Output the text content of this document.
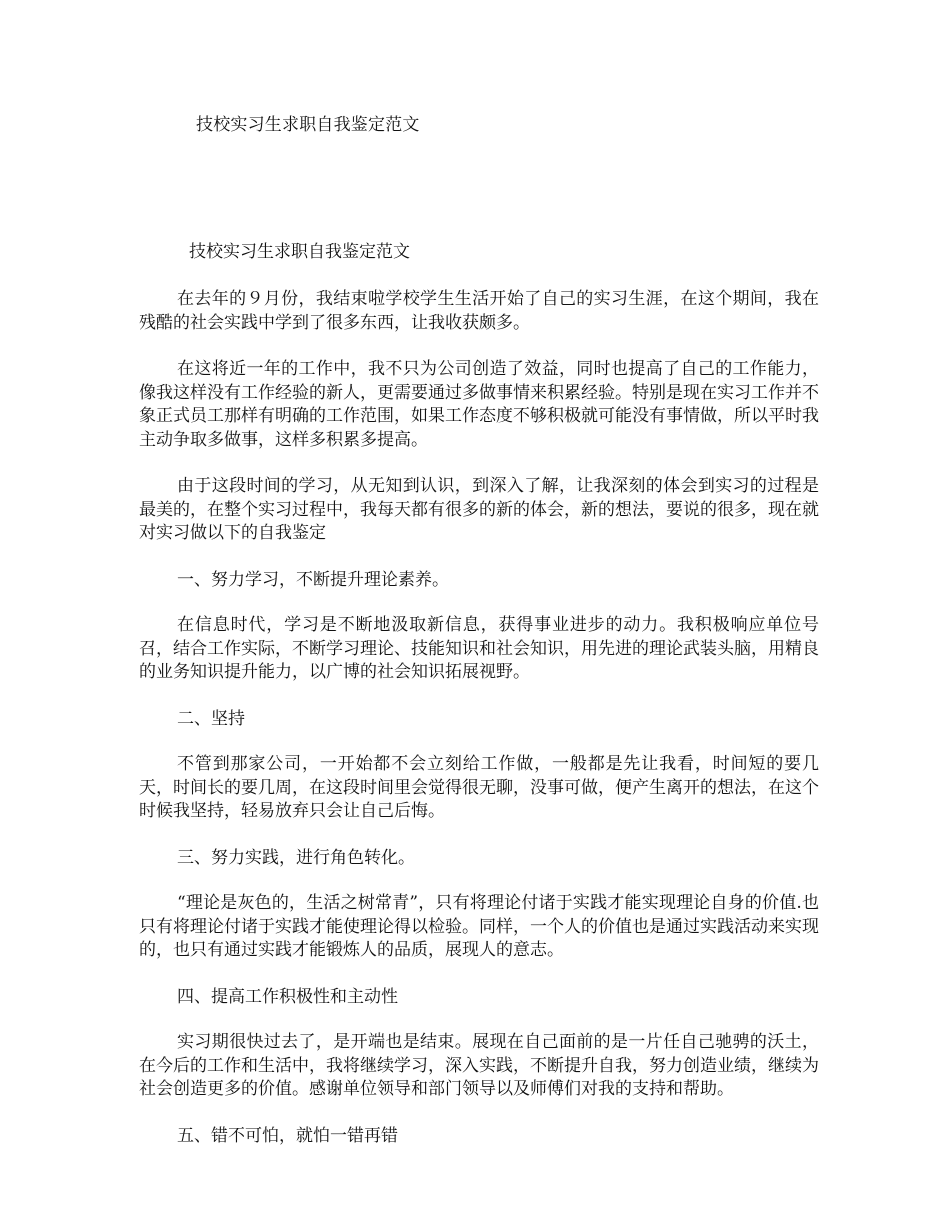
技校实习生求职自我鉴定范文
技校实习生求职自我鉴定范文

在去年的９月份，我结束啦学校学生生活开始了自己的实习生涯，在这个期间，我在残酷的社会实践中学到了很多东西，让我收获颇多。

在这将近一年的工作中，我不只为公司创造了效益，同时也提高了自己的工作能力，像我这样没有工作经验的新人，更需要通过多做事情来积累经验。特别是现在实习工作并不象正式员工那样有明确的工作范围，如果工作态度不够积极就可能没有事情做，所以平时我主动争取多做事，这样多积累多提高。

由于这段时间的学习，从无知到认识，到深入了解，让我深刻的体会到实习的过程是最美的，在整个实习过程中，我每天都有很多的新的体会，新的想法，要说的很多，现在就对实习做以下的自我鉴定

一、努力学习，不断提升理论素养。

在信息时代，学习是不断地汲取新信息，获得事业进步的动力。我积极响应单位号召，结合工作实际，不断学习理论、技能知识和社会知识，用先进的理论武装头脑，用精良的业务知识提升能力，以广博的社会知识拓展视野。

二、坚持

不管到那家公司，一开始都不会立刻给工作做，一般都是先让我看，时间短的要几天，时间长的要几周，在这段时间里会觉得很无聊，没事可做，便产生离开的想法，在这个时候我坚持，轻易放弃只会让自己后悔。

三、努力实践，进行角色转化。

“理论是灰色的，生活之树常青”，只有将理论付诸于实践才能实现理论自身的价值.也只有将理论付诸于实践才能使理论得以检验。同样，一个人的价值也是通过实践活动来实现的，也只有通过实践才能锻炼人的品质，展现人的意志。

四、提高工作积极性和主动性

实习期很快过去了，是开端也是结束。展现在自己面前的是一片任自己驰骋的沃土，在今后的工作和生活中，我将继续学习，深入实践，不断提升自我，努力创造业绩，继续为社会创造更多的价值。感谢单位领导和部门领导以及师傅们对我的支持和帮助。

五、错不可怕，就怕一错再错
